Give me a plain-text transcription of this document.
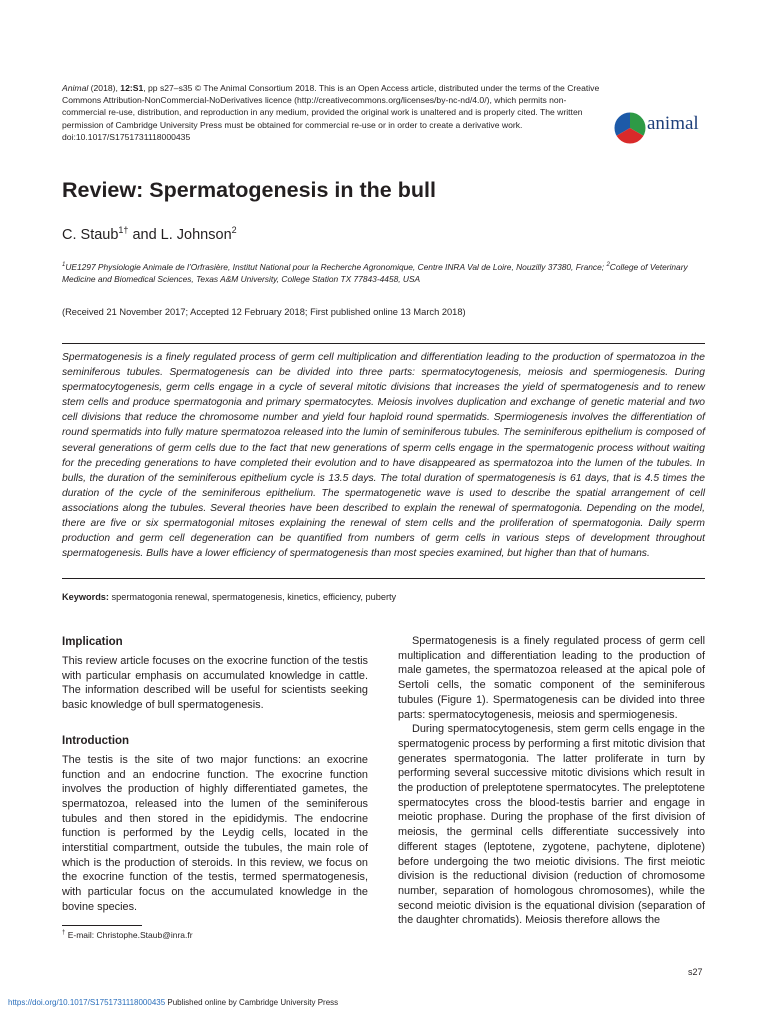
Animal (2018), 12:S1, pp s27–s35 © The Animal Consortium 2018. This is an Open Access article, distributed under the terms of the Creative Commons Attribution-NonCommercial-NoDerivatives licence (http://creativecommons.org/licenses/by-nc-nd/4.0/), which permits non-commercial re-use, distribution, and reproduction in any medium, provided the original work is unaltered and is properly cited. The written permission of Cambridge University Press must be obtained for commercial re-use or in order to create a derivative work.
doi:10.1017/S1751731118000435
animal
Review: Spermatogenesis in the bull
C. Staub$^{1\dagger}$ and L. Johnson$^2$
$^1$UE1297 Physiologie Animale de l’Orfrasière, Institut National pour la Recherche Agronomique, Centre INRA Val de Loire, Nouzilly 37380, France; $^2$College of Veterinary Medicine and Biomedical Sciences, Texas A&M University, College Station TX 77843-4458, USA
(Received 21 November 2017; Accepted 12 February 2018; First published online 13 March 2018)

Spermatogenesis is a finely regulated process of germ cell multiplication and differentiation leading to the production of spermatozoa in the seminiferous tubules. Spermatogenesis can be divided into three parts: spermatocytogenesis, meiosis and spermiogenesis. During spermatocytogenesis, germ cells engage in a cycle of several mitotic divisions that increases the yield of spermatogenesis and to renew stem cells and produce spermatogonia and primary spermatocytes. Meiosis involves duplication and exchange of genetic material and two cell divisions that reduce the chromosome number and yield four haploid round spermatids. Spermiogenesis involves the differentiation of round spermatids into fully mature spermatozoa released into the lumin of seminiferous tubules. The seminiferous epithelium is composed of several generations of germ cells due to the fact that new generations of sperm cells engage in the spermatogenic process without waiting for the preceding generations to have completed their evolution and to have disappeared as spermatozoa into the lumen of the tubules. In bulls, the duration of the seminiferous epithelium cycle is 13.5 days. The total duration of spermatogenesis is 61 days, that is 4.5 times the duration of the cycle of the seminiferous epithelium. The spermatogenetic wave is used to describe the spatial arrangement of cell associations along the tubules. Several theories have been described to explain the renewal of spermatogonia. Depending on the model, there are five or six spermatogonial mitoses explaining the renewal of stem cells and the proliferation of spermatogonia. Daily sperm production and germ cell degeneration can be quantified from numbers of germ cells in various steps of development throughout spermatogenesis. Bulls have a lower efficiency of spermatogenesis than most species examined, but higher than that of humans.

Keywords: spermatogonia renewal, spermatogenesis, kinetics, efficiency, puberty
Implication

This review article focuses on the exocrine function of the testis with particular emphasis on accumulated knowledge in cattle. The information described will be useful for scientists seeking basic knowledge of bull spermatogenesis.

Introduction

The testis is the site of two major functions: an exocrine function and an endocrine function. The exocrine function involves the production of highly differentiated gametes, the spermatozoa, released into the lumen of the seminiferous tubules and then stored in the epididymis. The endocrine function is performed by the Leydig cells, located in the interstitial compartment, outside the tubules, the main role of which is the production of steroids. In this review, we focus on the exocrine function of the testis, termed spermatogenesis, with particular focus on the accumulated knowledge in the bovine species.

Spermatogenesis is a finely regulated process of germ cell multiplication and differentiation leading to the production of male gametes, the spermatozoa released at the apical pole of Sertoli cells, the somatic component of the seminiferous tubules (Figure 1). Spermatogenesis can be divided into three parts: spermatocytogenesis, meiosis and spermiogenesis.

During spermatocytogenesis, stem germ cells engage in the spermatogenic process by performing a first mitotic division that generates spermatogonia. The latter proliferate in turn by performing several successive mitotic divisions which result in the production of preleptotene spermatocytes. The preleptotene spermatocytes cross the blood-testis barrier and engage in meiotic prophase. During the prophase of the first division of meiosis, the germinal cells differentiate successively into different stages (leptotene, zygotene, pachytene, diplotene) before undergoing the two meiotic divisions. The first meiotic division is the reductional division (reduction of chromosome number, separation of homologous chromosomes), while the second meiotic division is the equational division (separation of the daughter chromatids). Meiosis therefore allows the

† E-mail: Christophe.Staub@inra.fr
s27
https://doi.org/10.1017/S1751731118000435 Published online by Cambridge University Press
